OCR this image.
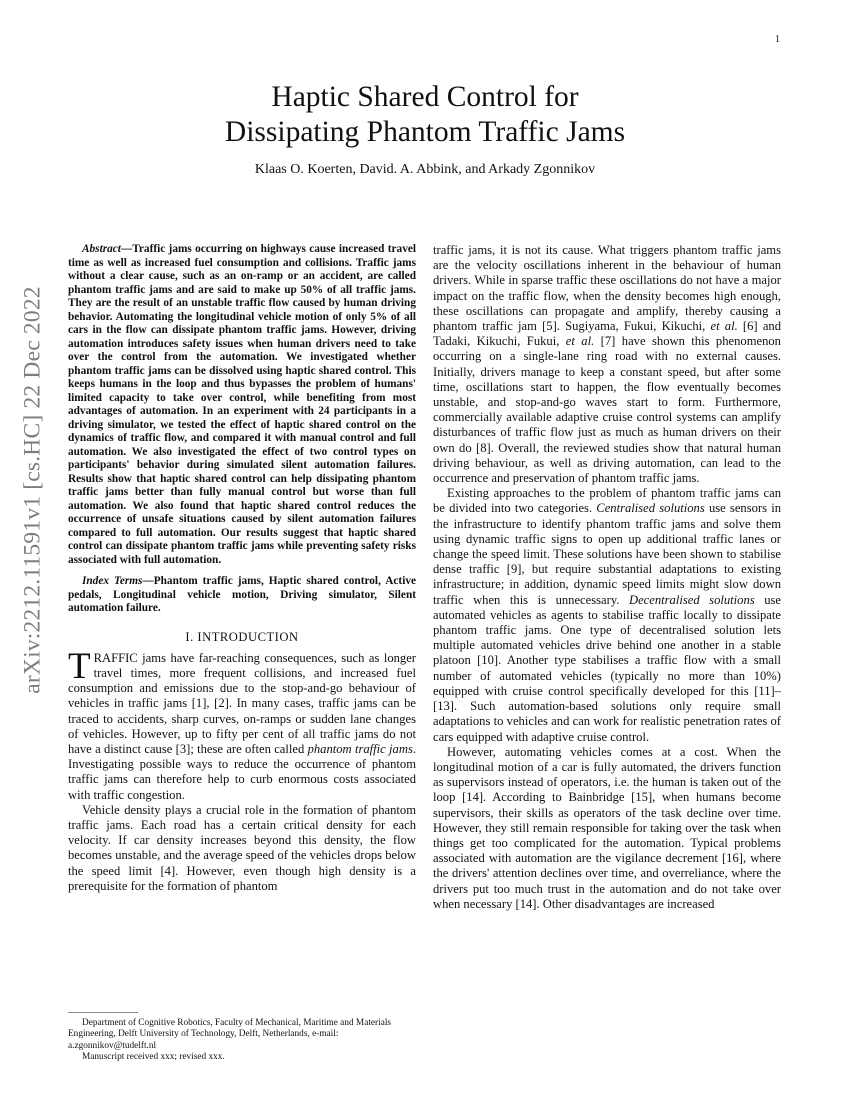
1
arXiv:2212.11591v1 [cs.HC] 22 Dec 2022
Haptic Shared Control for
Dissipating Phantom Traffic Jams
Klaas O. Koerten, David. A. Abbink, and Arkady Zgonnikov

Abstract—Traffic jams occurring on highways cause increased travel time as well as increased fuel consumption and collisions. Traffic jams without a clear cause, such as an on-ramp or an accident, are called phantom traffic jams and are said to make up 50% of all traffic jams. They are the result of an unstable traffic flow caused by human driving behavior. Automating the longitudinal vehicle motion of only 5% of all cars in the flow can dissipate phantom traffic jams. However, driving automation introduces safety issues when human drivers need to take over the control from the automation. We investigated whether phantom traffic jams can be dissolved using haptic shared control. This keeps humans in the loop and thus bypasses the problem of humans' limited capacity to take over control, while benefiting from most advantages of automation. In an experiment with 24 participants in a driving simulator, we tested the effect of haptic shared control on the dynamics of traffic flow, and compared it with manual control and full automation. We also investigated the effect of two control types on participants' behavior during simulated silent automation failures. Results show that haptic shared control can help dissipating phantom traffic jams better than fully manual control but worse than full automation. We also found that haptic shared control reduces the occurrence of unsafe situations caused by silent automation failures compared to full automation. Our results suggest that haptic shared control can dissipate phantom traffic jams while preventing safety risks associated with full automation.

Index Terms—Phantom traffic jams, Haptic shared control, Active pedals, Longitudinal vehicle motion, Driving simulator, Silent automation failure.

I. INTRODUCTION

TRAFFIC jams have far-reaching consequences, such as longer travel times, more frequent collisions, and increased fuel consumption and emissions due to the stop-and-go behaviour of vehicles in traffic jams [1], [2]. In many cases, traffic jams can be traced to accidents, sharp curves, on-ramps or sudden lane changes of vehicles. However, up to fifty per cent of all traffic jams do not have a distinct cause [3]; these are often called phantom traffic jams. Investigating possible ways to reduce the occurrence of phantom traffic jams can therefore help to curb enormous costs associated with traffic congestion.

Vehicle density plays a crucial role in the formation of phantom traffic jams. Each road has a certain critical density for each velocity. If car density increases beyond this density, the flow becomes unstable, and the average speed of the vehicles drops below the speed limit [4]. However, even though high density is a prerequisite for the formation of phantom

traffic jams, it is not its cause. What triggers phantom traffic jams are the velocity oscillations inherent in the behaviour of human drivers. While in sparse traffic these oscillations do not have a major impact on the traffic flow, when the density becomes high enough, these oscillations can propagate and amplify, thereby causing a phantom traffic jam [5]. Sugiyama, Fukui, Kikuchi, et al. [6] and Tadaki, Kikuchi, Fukui, et al. [7] have shown this phenomenon occurring on a single-lane ring road with no external causes. Initially, drivers manage to keep a constant speed, but after some time, oscillations start to happen, the flow eventually becomes unstable, and stop-and-go waves start to form. Furthermore, commercially available adaptive cruise control systems can amplify disturbances of traffic flow just as much as human drivers on their own do [8]. Overall, the reviewed studies show that natural human driving behaviour, as well as driving automation, can lead to the occurrence and preservation of phantom traffic jams.

Existing approaches to the problem of phantom traffic jams can be divided into two categories. Centralised solutions use sensors in the infrastructure to identify phantom traffic jams and solve them using dynamic traffic signs to open up additional traffic lanes or change the speed limit. These solutions have been shown to stabilise dense traffic [9], but require substantial adaptations to existing infrastructure; in addition, dynamic speed limits might slow down traffic when this is unnecessary. Decentralised solutions use automated vehicles as agents to stabilise traffic locally to dissipate phantom traffic jams. One type of decentralised solution lets multiple automated vehicles drive behind one another in a stable platoon [10]. Another type stabilises a traffic flow with a small number of automated vehicles (typically no more than 10%) equipped with cruise control specifically developed for this [11]–[13]. Such automation-based solutions only require small adaptations to vehicles and can work for realistic penetration rates of cars equipped with adaptive cruise control.

However, automating vehicles comes at a cost. When the longitudinal motion of a car is fully automated, the drivers function as supervisors instead of operators, i.e. the human is taken out of the loop [14]. According to Bainbridge [15], when humans become supervisors, their skills as operators of the task decline over time. However, they still remain responsible for taking over the task when things get too complicated for the automation. Typical problems associated with automation are the vigilance decrement [16], where the drivers' attention declines over time, and overreliance, where the drivers put too much trust in the automation and do not take over when necessary [14]. Other disadvantages are increased

Department of Cognitive Robotics, Faculty of Mechanical, Maritime and Materials Engineering, Delft University of Technology, Delft, Netherlands, e-mail: a.zgonnikov@tudelft.nl
Manuscript received xxx; revised xxx.
